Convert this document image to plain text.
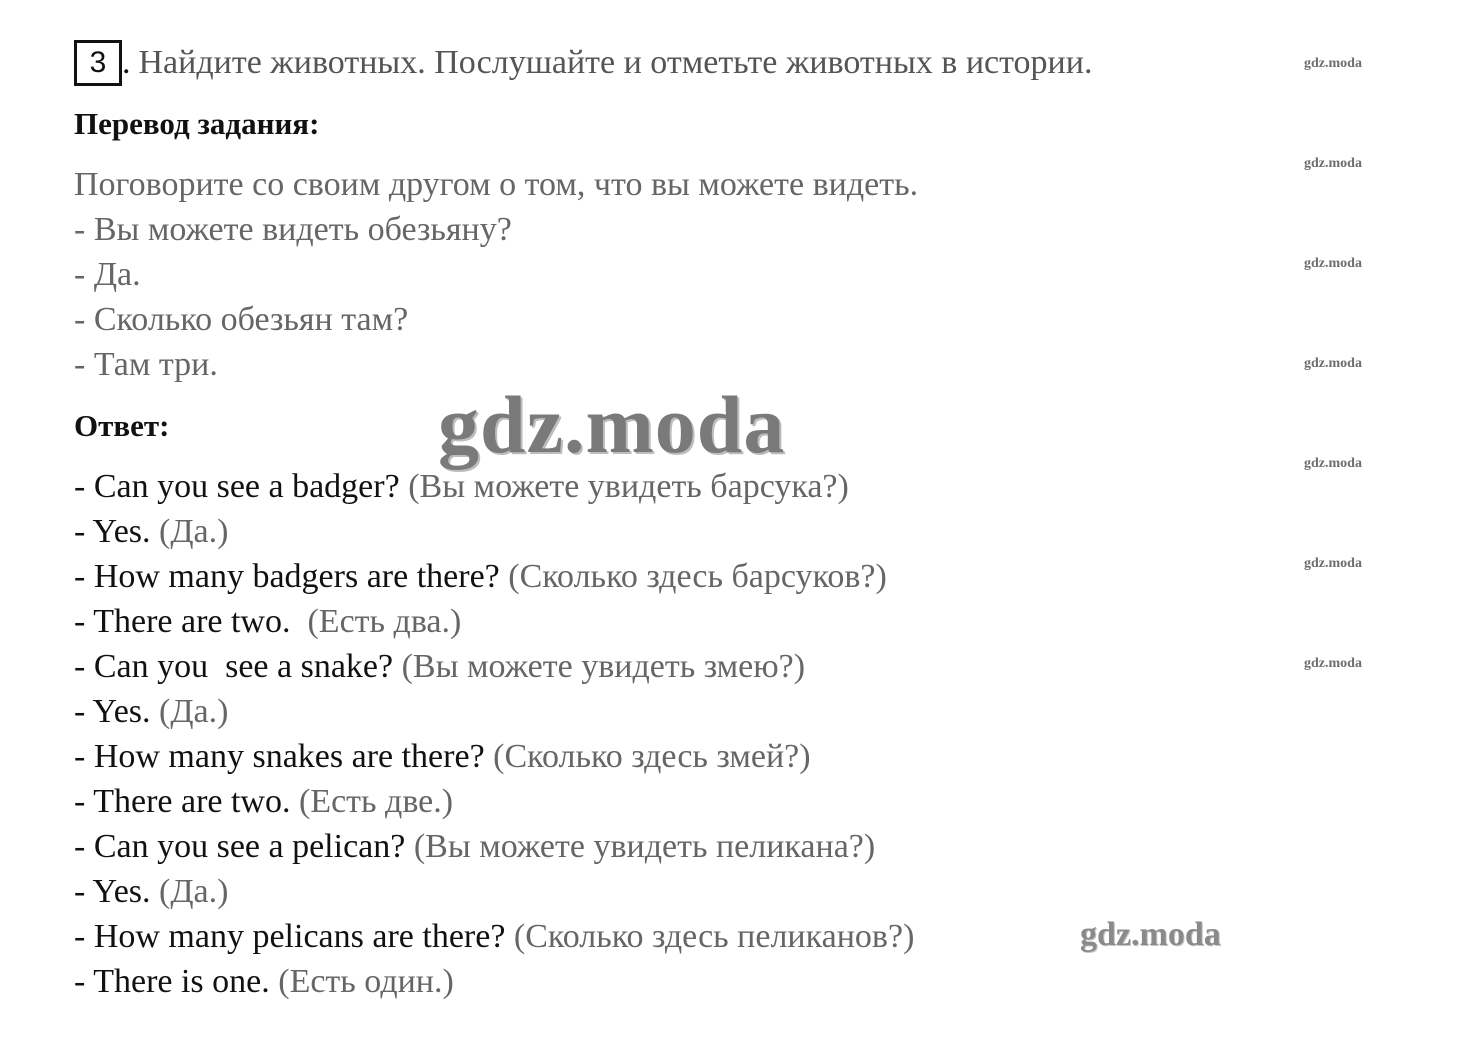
3 . Найдите животных. Послушайте и отметьте животных в истории.
Перевод задания:
Поговорите со своим другом о том, что вы можете видеть.
- Вы можете видеть обезьяну?
- Да.
- Сколько обезьян там?
- Там три.
Ответ:
- Can you see a badger? (Вы можете увидеть барсука?)
- Yes. (Да.)
- How many badgers are there? (Сколько здесь барсуков?)
- There are two. (Есть два.)
- Can you  see a snake? (Вы можете увидеть змею?)
- Yes. (Да.)
- How many snakes are there? (Сколько здесь змей?)
- There are two. (Есть две.)
- Can you see a pelican? (Вы можете увидеть пеликана?)
- Yes. (Да.)
- How many pelicans are there? (Сколько здесь пеликанов?)
- There is one. (Есть один.)
gdz.moda
gdz.moda
gdz.moda
gdz.moda
gdz.moda
gdz.moda
gdz.moda
gdz.moda
gdz.moda
